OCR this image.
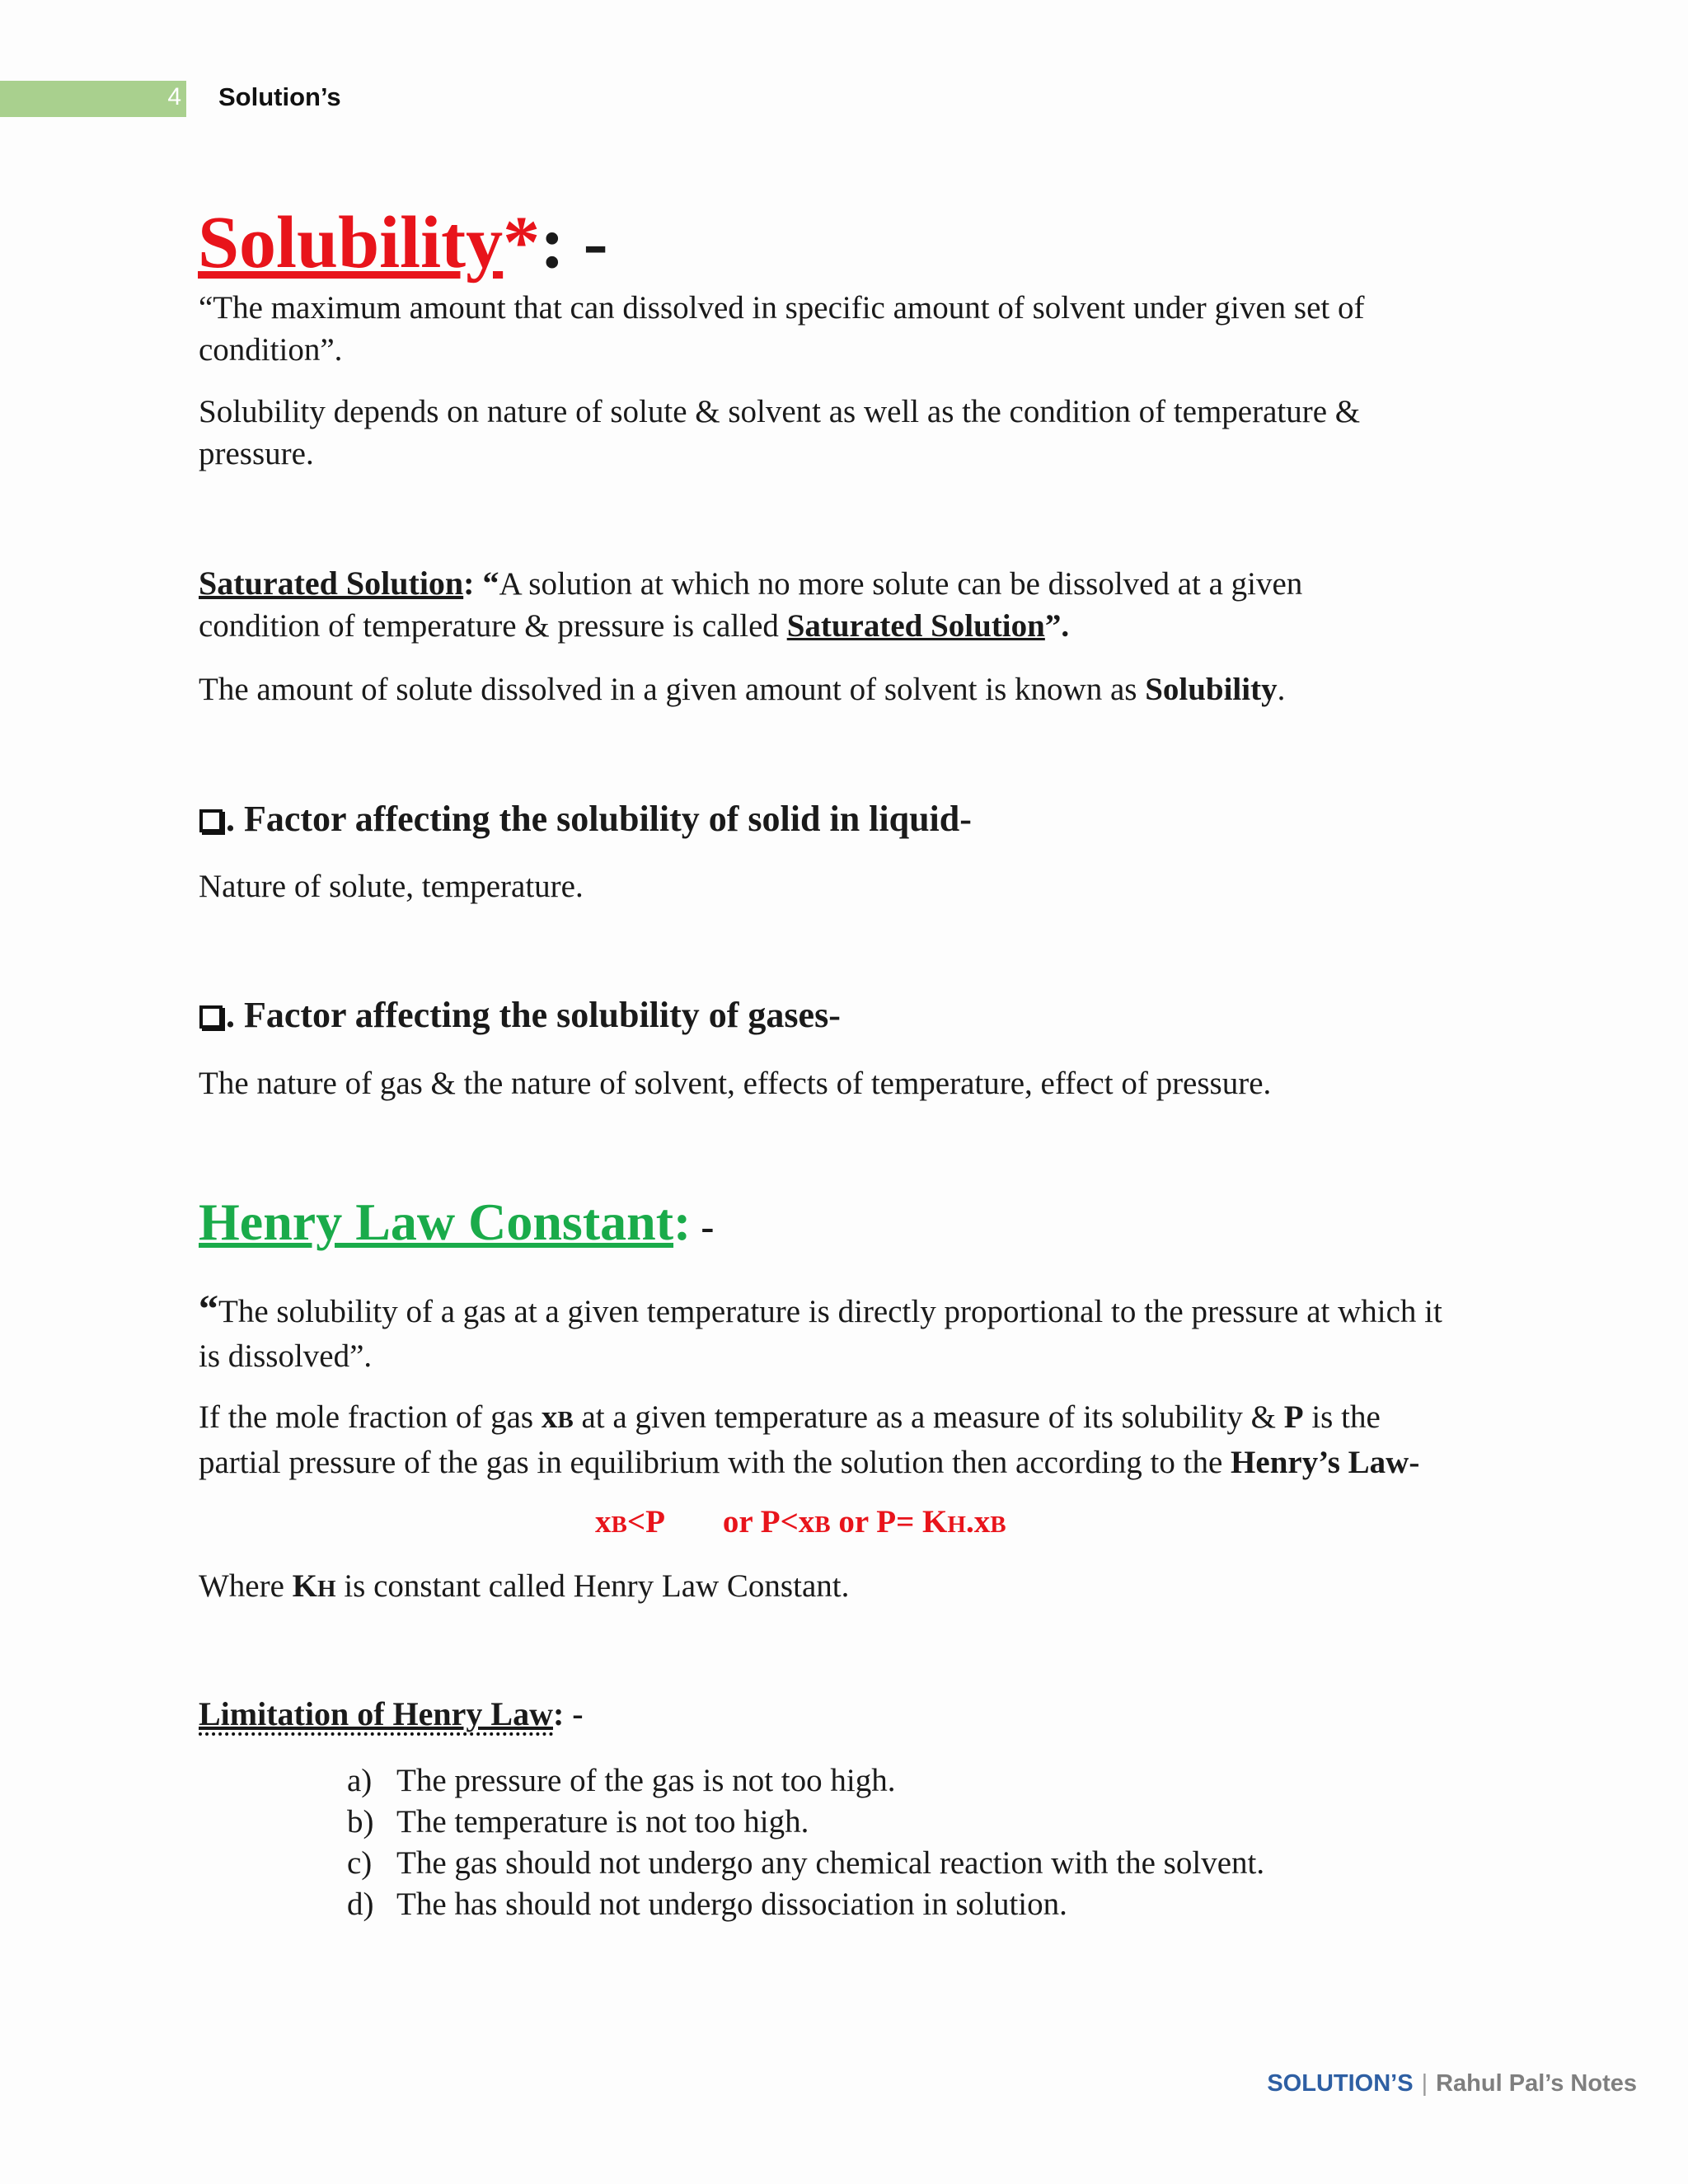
4 Solution’s
Solubility*: -
“The maximum amount that can dissolved in specific amount of solvent under given set of
condition”.
Solubility depends on nature of solute & solvent as well as the condition of temperature &
pressure.
Saturated Solution: “A solution at which no more solute can be dissolved at a given
condition of temperature & pressure is called Saturated Solution”.
The amount of solute dissolved in a given amount of solvent is known as Solubility.
. Factor affecting the solubility of solid in liquid-
Nature of solute, temperature.
. Factor affecting the solubility of gases-
The nature of gas & the nature of solvent, effects of temperature, effect of pressure.
Henry Law Constant: -
“The solubility of a gas at a given temperature is directly proportional to the pressure at which it
is dissolved”.
If the mole fraction of gas xB at a given temperature as a measure of its solubility & P is the
partial pressure of the gas in equilibrium with the solution then according to the Henry’s Law-
xB<P or P<xB or P= KH.xB
Where KH is constant called Henry Law Constant.
Limitation of Henry Law: -
a) The pressure of the gas is not too high.
b) The temperature is not too high.
c) The gas should not undergo any chemical reaction with the solvent.
d) The has should not undergo dissociation in solution.
SOLUTION’S | Rahul Pal’s Notes
